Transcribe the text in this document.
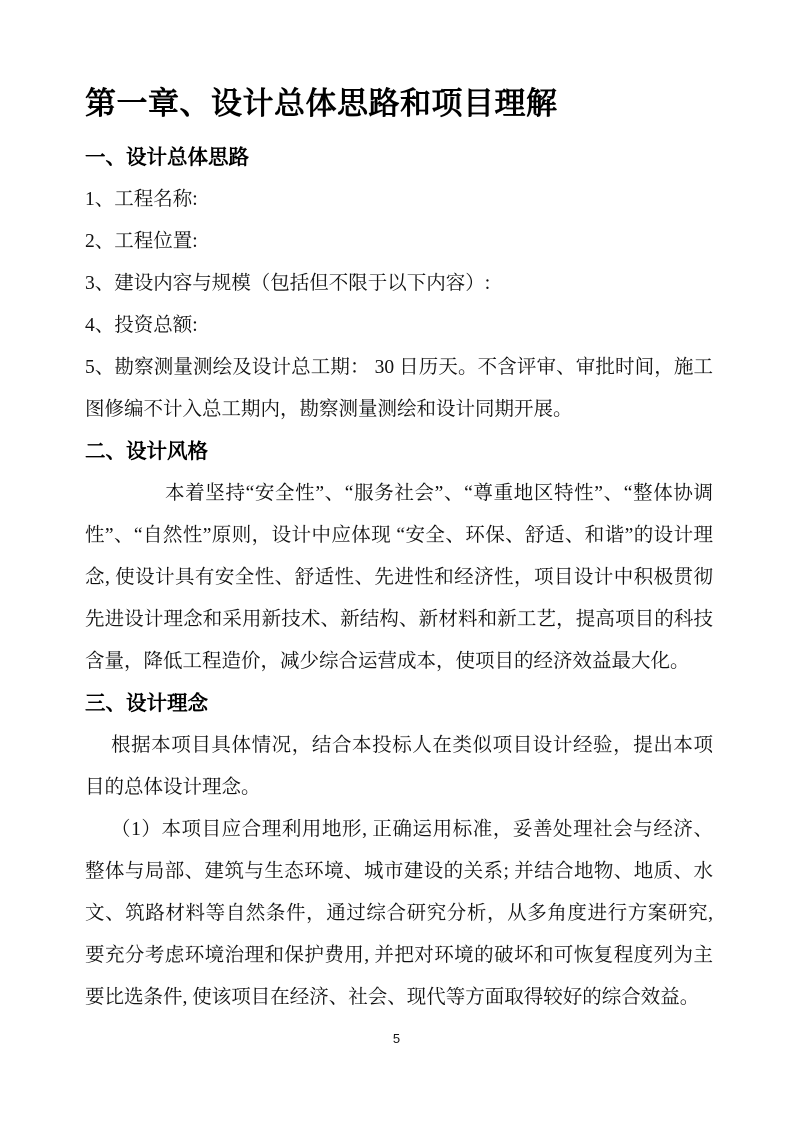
第一章、设计总体思路和项目理解
一、设计总体思路

1、工程名称:

2、工程位置:

3、建设内容与规模（包括但不限于以下内容）:

4、投资总额:

5、勘察测量测绘及设计总工期： 30 日历天。不含评审、审批时间，施工图修编不计入总工期内，勘察测量测绘和设计同期开展。

二、设计风格

本着坚持“安全性”、“服务社会”、“尊重地区特性”、“整体协调性”、“自然性”原则，设计中应体现 “安全、环保、舒适、和谐”的设计理念, 使设计具有安全性、舒适性、先进性和经济性，项目设计中积极贯彻先进设计理念和采用新技术、新结构、新材料和新工艺，提高项目的科技含量，降低工程造价，减少综合运营成本，使项目的经济效益最大化。

三、设计理念

根据本项目具体情况，结合本投标人在类似项目设计经验，提出本项目的总体设计理念。

（1）本项目应合理利用地形, 正确运用标准，妥善处理社会与经济、整体与局部、建筑与生态环境、城市建设的关系; 并结合地物、地质、水文、筑路材料等自然条件，通过综合研究分析，从多角度进行方案研究, 要充分考虑环境治理和保护费用, 并把对环境的破坏和可恢复程度列为主要比选条件, 使该项目在经济、社会、现代等方面取得较好的综合效益。

5
